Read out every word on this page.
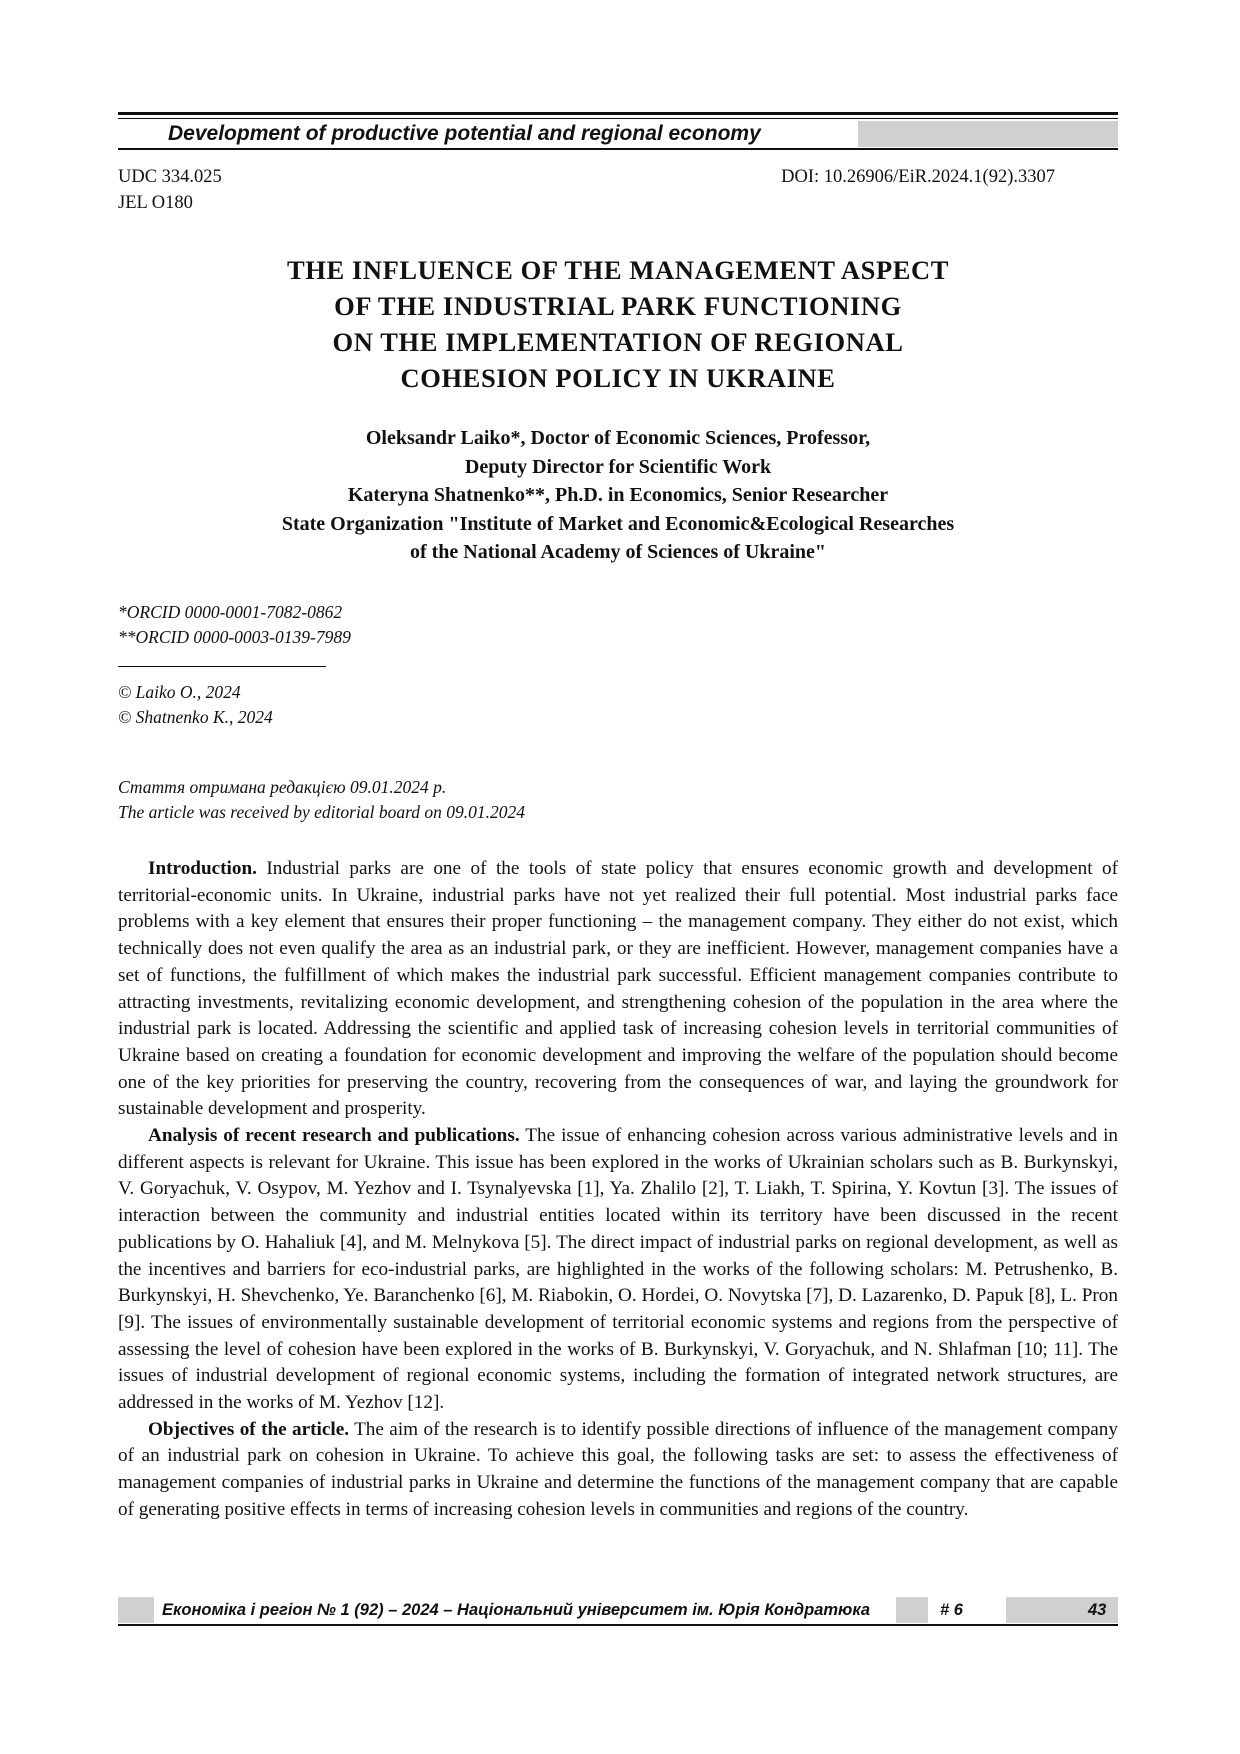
Development of productive potential and regional economy
UDC 334.025
JEL O180
DOI: 10.26906/EiR.2024.1(92).3307
THE INFLUENCE OF THE MANAGEMENT ASPECT
OF THE INDUSTRIAL PARK FUNCTIONING
ON THE IMPLEMENTATION OF REGIONAL
COHESION POLICY IN UKRAINE
Oleksandr Laiko*, Doctor of Economic Sciences, Professor,
Deputy Director for Scientific Work
Kateryna Shatnenko**, Ph.D. in Economics, Senior Researcher
State Organization "Institute of Market and Economic&Ecological Researches
of the National Academy of Sciences of Ukraine"
*ORCID 0000-0001-7082-0862
**ORCID 0000-0003-0139-7989
© Laiko O., 2024
© Shatnenko K., 2024
Стаття отримана редакцією 09.01.2024 р.
The article was received by editorial board on 09.01.2024

Introduction. Industrial parks are one of the tools of state policy that ensures economic growth and development of territorial-economic units. In Ukraine, industrial parks have not yet realized their full potential. Most industrial parks face problems with a key element that ensures their proper functioning – the management company. They either do not exist, which technically does not even qualify the area as an industrial park, or they are inefficient. However, management companies have a set of functions, the fulfillment of which makes the industrial park successful. Efficient management companies contribute to attracting investments, revitalizing economic development, and strengthening cohesion of the population in the area where the industrial park is located. Addressing the scientific and applied task of increasing cohesion levels in territorial communities of Ukraine based on creating a foundation for economic development and improving the welfare of the population should become one of the key priorities for preserving the country, recovering from the consequences of war, and laying the groundwork for sustainable development and prosperity.

Analysis of recent research and publications. The issue of enhancing cohesion across various administrative levels and in different aspects is relevant for Ukraine. This issue has been explored in the works of Ukrainian scholars such as B. Burkynskyi, V. Goryachuk, V. Osypov, M. Yezhov and I. Tsynalyevska [1], Ya. Zhalilo [2], T. Liakh, T. Spirina, Y. Kovtun [3]. The issues of interaction between the community and industrial entities located within its territory have been discussed in the recent publications by O. Hahaliuk [4], and M. Melnykova [5]. The direct impact of industrial parks on regional development, as well as the incentives and barriers for eco-industrial parks, are highlighted in the works of the following scholars: M. Petrushenko, B. Burkynskyi, H. Shevchenko, Ye. Baranchenko [6], M. Riabokin, O. Hordei, O. Novytska [7], D. Lazarenko, D. Papuk [8], L. Pron [9]. The issues of environmentally sustainable development of territorial economic systems and regions from the perspective of assessing the level of cohesion have been explored in the works of B. Burkynskyi, V. Goryachuk, and N. Shlafman [10; 11]. The issues of industrial development of regional economic systems, including the formation of integrated network structures, are addressed in the works of M. Yezhov [12].

Objectives of the article. The aim of the research is to identify possible directions of influence of the management company of an industrial park on cohesion in Ukraine. To achieve this goal, the following tasks are set: to assess the effectiveness of management companies of industrial parks in Ukraine and determine the functions of the management company that are capable of generating positive effects in terms of increasing cohesion levels in communities and regions of the country.

Економіка і регіон № 1 (92) – 2024 – Національний університет ім. Юрія Кондратюка	# 6	43
